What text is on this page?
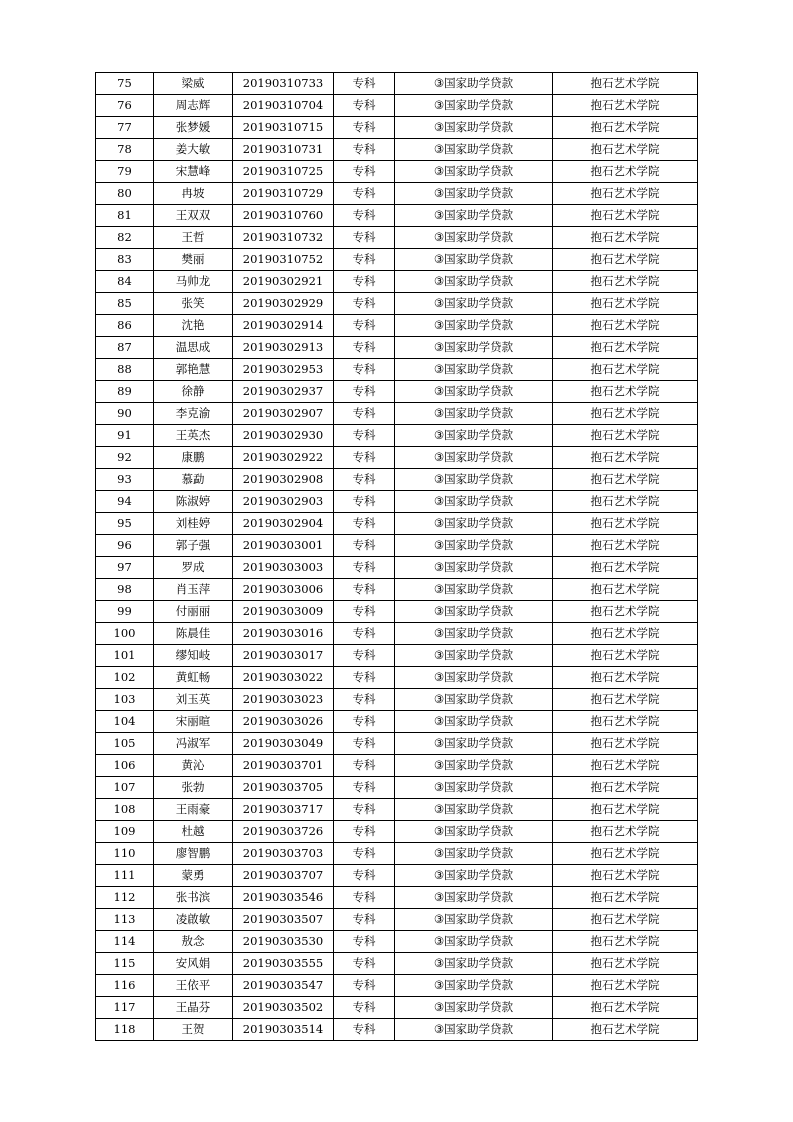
75	梁威	20190310733	专科	③国家助学贷款	抱石艺术学院
76	周志辉	20190310704	专科	③国家助学贷款	抱石艺术学院
77	张梦媛	20190310715	专科	③国家助学贷款	抱石艺术学院
78	姜大敏	20190310731	专科	③国家助学贷款	抱石艺术学院
79	宋慧峰	20190310725	专科	③国家助学贷款	抱石艺术学院
80	冉坡	20190310729	专科	③国家助学贷款	抱石艺术学院
81	王双双	20190310760	专科	③国家助学贷款	抱石艺术学院
82	王哲	20190310732	专科	③国家助学贷款	抱石艺术学院
83	樊丽	20190310752	专科	③国家助学贷款	抱石艺术学院
84	马帅龙	20190302921	专科	③国家助学贷款	抱石艺术学院
85	张笑	20190302929	专科	③国家助学贷款	抱石艺术学院
86	沈艳	20190302914	专科	③国家助学贷款	抱石艺术学院
87	温思成	20190302913	专科	③国家助学贷款	抱石艺术学院
88	郭艳慧	20190302953	专科	③国家助学贷款	抱石艺术学院
89	徐静	20190302937	专科	③国家助学贷款	抱石艺术学院
90	李克渝	20190302907	专科	③国家助学贷款	抱石艺术学院
91	王英杰	20190302930	专科	③国家助学贷款	抱石艺术学院
92	康鹏	20190302922	专科	③国家助学贷款	抱石艺术学院
93	慕勐	20190302908	专科	③国家助学贷款	抱石艺术学院
94	陈淑婷	20190302903	专科	③国家助学贷款	抱石艺术学院
95	刘桂婷	20190302904	专科	③国家助学贷款	抱石艺术学院
96	郭子强	20190303001	专科	③国家助学贷款	抱石艺术学院
97	罗成	20190303003	专科	③国家助学贷款	抱石艺术学院
98	肖玉萍	20190303006	专科	③国家助学贷款	抱石艺术学院
99	付丽丽	20190303009	专科	③国家助学贷款	抱石艺术学院
100	陈晨佳	20190303016	专科	③国家助学贷款	抱石艺术学院
101	缪知岐	20190303017	专科	③国家助学贷款	抱石艺术学院
102	黄虹畅	20190303022	专科	③国家助学贷款	抱石艺术学院
103	刘玉英	20190303023	专科	③国家助学贷款	抱石艺术学院
104	宋丽暄	20190303026	专科	③国家助学贷款	抱石艺术学院
105	冯淑军	20190303049	专科	③国家助学贷款	抱石艺术学院
106	黄沁	20190303701	专科	③国家助学贷款	抱石艺术学院
107	张勃	20190303705	专科	③国家助学贷款	抱石艺术学院
108	王雨豪	20190303717	专科	③国家助学贷款	抱石艺术学院
109	杜越	20190303726	专科	③国家助学贷款	抱石艺术学院
110	廖智鹏	20190303703	专科	③国家助学贷款	抱石艺术学院
111	蒙勇	20190303707	专科	③国家助学贷款	抱石艺术学院
112	张书滨	20190303546	专科	③国家助学贷款	抱石艺术学院
113	凌啟敏	20190303507	专科	③国家助学贷款	抱石艺术学院
114	敖念	20190303530	专科	③国家助学贷款	抱石艺术学院
115	安风娟	20190303555	专科	③国家助学贷款	抱石艺术学院
116	王依平	20190303547	专科	③国家助学贷款	抱石艺术学院
117	王晶芬	20190303502	专科	③国家助学贷款	抱石艺术学院
118	王贺	20190303514	专科	③国家助学贷款	抱石艺术学院
